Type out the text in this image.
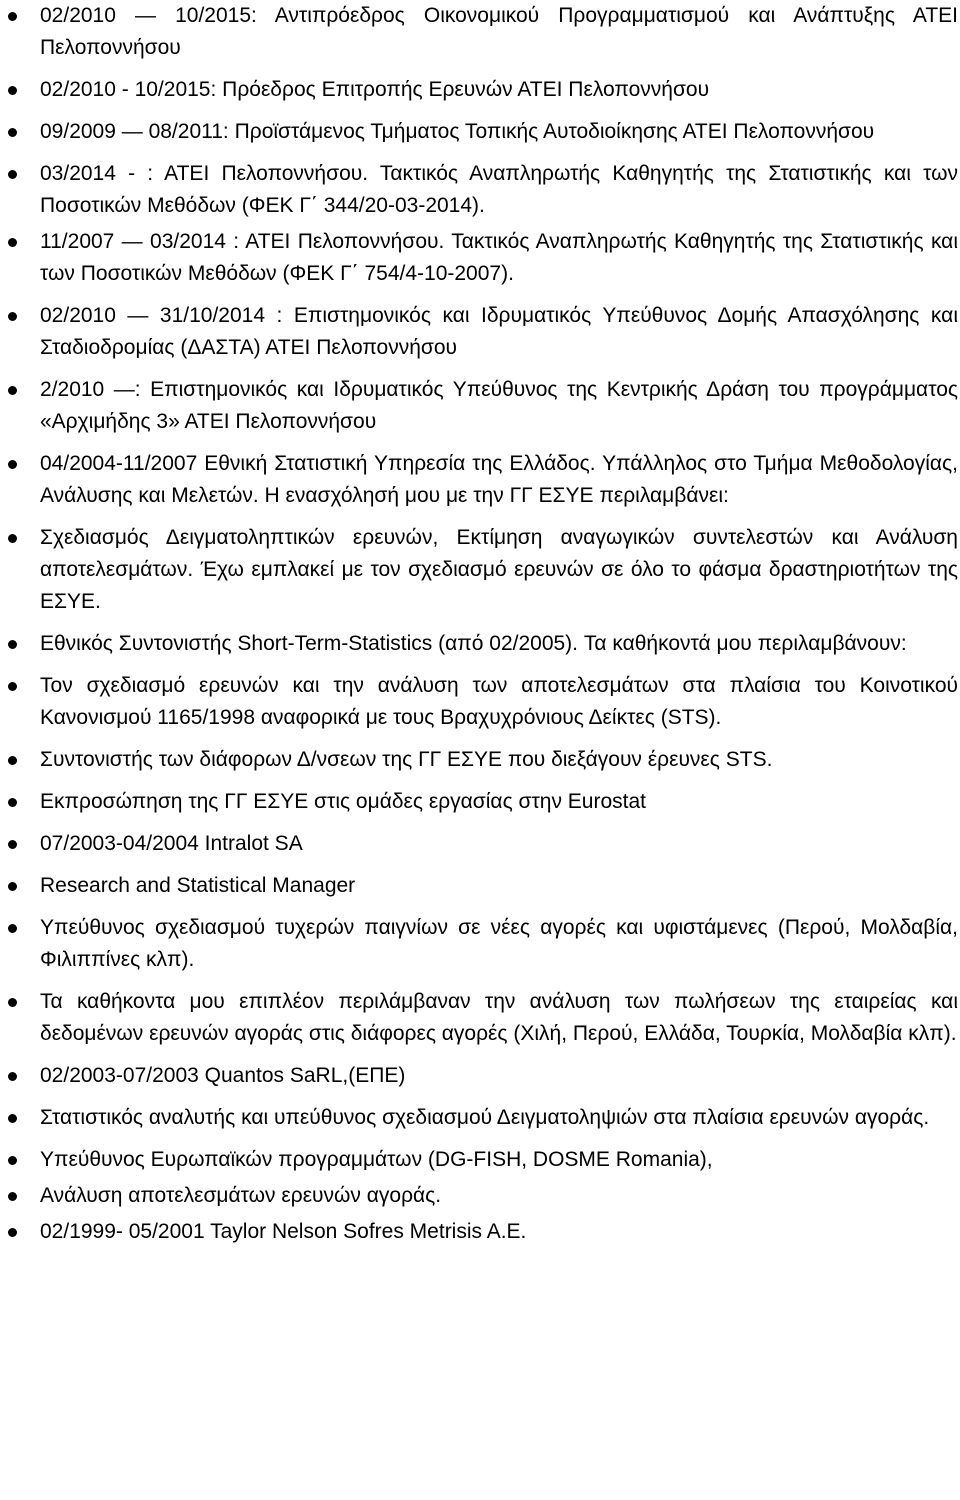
02/2010 — 10/2015: Αντιπρόεδρος Οικονομικού Προγραμματισμού και Ανάπτυξης ΑΤΕΙ Πελοποννήσου
02/2010 - 10/2015: Πρόεδρος Επιτροπής Ερευνών ΑΤΕΙ Πελοποννήσου
09/2009 — 08/2011: Προϊστάμενος Τμήματος Τοπικής Αυτοδιοίκησης ΑΤΕΙ Πελοποννήσου
03/2014 - : ΑΤΕΙ Πελοποννήσου. Τακτικός Αναπληρωτής Καθηγητής της Στατιστικής και των Ποσοτικών Μεθόδων (ΦΕΚ Γ΄ 344/20-03-2014).
11/2007 — 03/2014 : ΑΤΕΙ Πελοποννήσου. Τακτικός Αναπληρωτής Καθηγητής της Στατιστικής και των Ποσοτικών Μεθόδων (ΦΕΚ Γ΄ 754/4-10-2007).
02/2010 — 31/10/2014 : Επιστημονικός και Ιδρυματικός Υπεύθυνος Δομής Απασχόλησης και Σταδιοδρομίας (ΔΑΣΤΑ) ΑΤΕΙ Πελοποννήσου
2/2010 —: Επιστημονικός και Ιδρυματικός Υπεύθυνος της Κεντρικής Δράση του προγράμματος «Αρχιμήδης 3» ΑΤΕΙ Πελοποννήσου
04/2004-11/2007 Εθνική Στατιστική Υπηρεσία της Ελλάδος. Υπάλληλος στο Τμήμα Μεθοδολογίας, Ανάλυσης και Μελετών. Η ενασχόλησή μου με την ΓΓ ΕΣΥΕ περιλαμβάνει:
Σχεδιασμός Δειγματοληπτικών ερευνών, Εκτίμηση αναγωγικών συντελεστών και Ανάλυση αποτελεσμάτων. Έχω εμπλακεί με τον σχεδιασμό ερευνών σε όλο το φάσμα δραστηριοτήτων της ΕΣΥΕ.
Εθνικός Συντονιστής Short-Term-Statistics (από 02/2005). Τα καθήκοντά μου περιλαμβάνουν:
Τον σχεδιασμό ερευνών και την ανάλυση των αποτελεσμάτων στα πλαίσια του Κοινοτικού Κανονισμού 1165/1998 αναφορικά με τους Βραχυχρόνιους Δείκτες (STS).
Συντονιστής των διάφορων Δ/νσεων της ΓΓ ΕΣΥΕ που διεξάγουν έρευνες STS.
Εκπροσώπηση της ΓΓ ΕΣΥΕ στις ομάδες εργασίας στην Eurostat
07/2003-04/2004 Intralot SA
Research and Statistical Manager
Υπεύθυνος σχεδιασμού τυχερών παιγνίων σε νέες αγορές και υφιστάμενες (Περού, Μολδαβία, Φιλιππίνες κλπ).
Τα καθήκοντα μου επιπλέον περιλάμβαναν την ανάλυση των πωλήσεων της εταιρείας και δεδομένων ερευνών αγοράς στις διάφορες αγορές (Χιλή, Περού, Ελλάδα, Τουρκία, Μολδαβία κλπ).
02/2003-07/2003 Quantos SaRL,(ΕΠΕ)
Στατιστικός αναλυτής και υπεύθυνος σχεδιασμού Δειγματοληψιών στα πλαίσια ερευνών αγοράς.
Υπεύθυνος Ευρωπαϊκών προγραμμάτων (DG-FISH, DOSME Romania),
Ανάλυση αποτελεσμάτων ερευνών αγοράς.
02/1999- 05/2001 Taylor Nelson Sofres Metrisis A.E.
